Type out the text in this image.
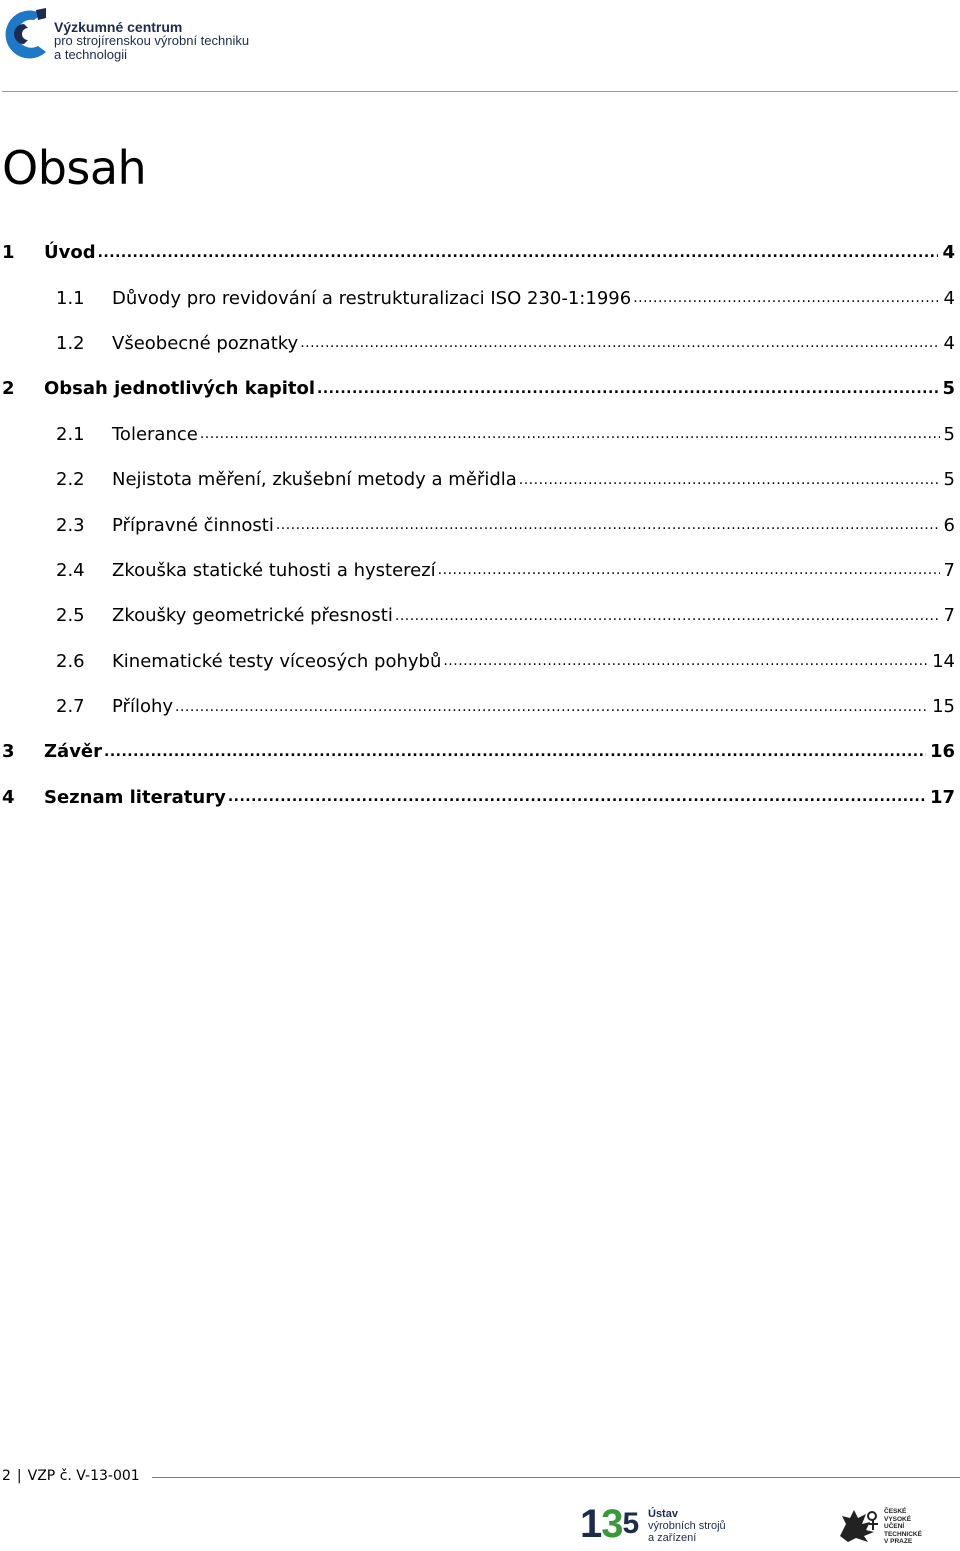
Výzkumné centrum
pro strojírenskou výrobní techniku
a technologii
Obsah
1	Úvod .....	4
1.1	Důvody pro revidování a restrukturalizaci ISO 230-1:1996 .....	4
1.2	Všeobecné poznatky .....	4
2	Obsah jednotlivých kapitol .....	5
2.1	Tolerance .....	5
2.2	Nejistota měření, zkušební metody a měřidla .....	5
2.3	Přípravné činnosti .....	6
2.4	Zkouška statické tuhosti a hysterezí .....	7
2.5	Zkoušky geometrické přesnosti .....	7
2.6	Kinematické testy víceosých pohybů .....	14
2.7	Přílohy .....	15
3	Závěr .....	16
4	Seznam literatury .....	17
2 | VZP č. V-13-001
$13^5$ Ústav
výrobních strojů
a zařízení
ČESKÉ
VYSOKÉ
UČENÍ
TECHNICKÉ
V PRAZE
